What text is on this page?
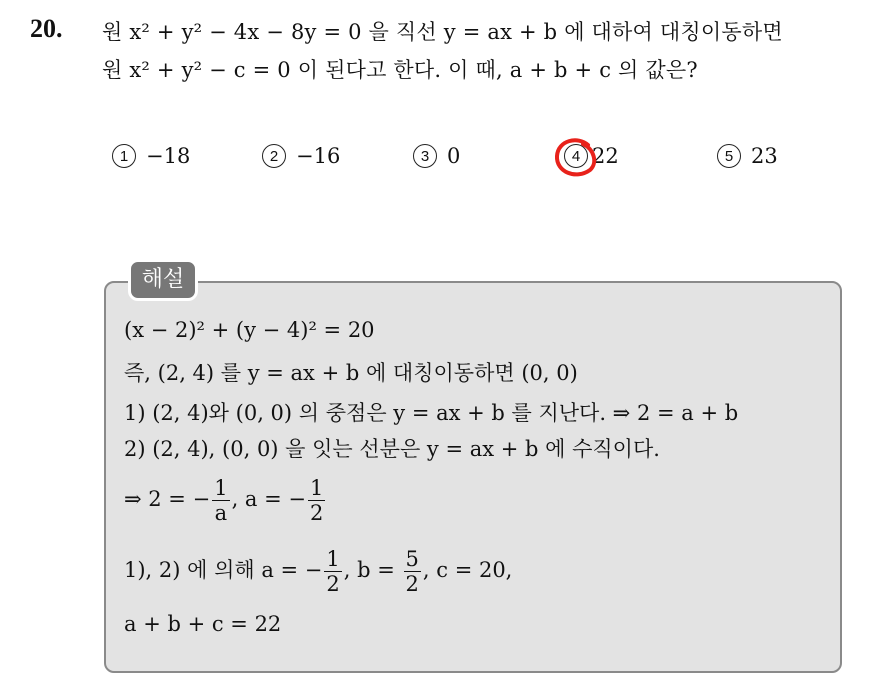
20. 원 x² + y² − 4x − 8y = 0 을 직선 y = ax + b 에 대하여 대칭이동하면
원 x² + y² − c = 0 이 된다고 한다. 이 때, a + b + c 의 값은?
1 −18	2 −16	3 0	4 22	5 23
해설
(x − 2)² + (y − 4)² = 20
즉, (2, 4) 를 y = ax + b 에 대칭이동하면 (0, 0)
1) (2, 4)와 (0, 0) 의 중점은 y = ax + b 를 지난다. ⇒ 2 = a + b
2) (2, 4), (0, 0) 을 잇는 선분은 y = ax + b 에 수직이다.
⇒ 2 = − $\frac{1}{a}$ , a = − $\frac{1}{2}$
1), 2) 에 의해 a = − $\frac{1}{2}$ , $b = \frac{5}{2}$ , c = 20,
a + b + c = 22
